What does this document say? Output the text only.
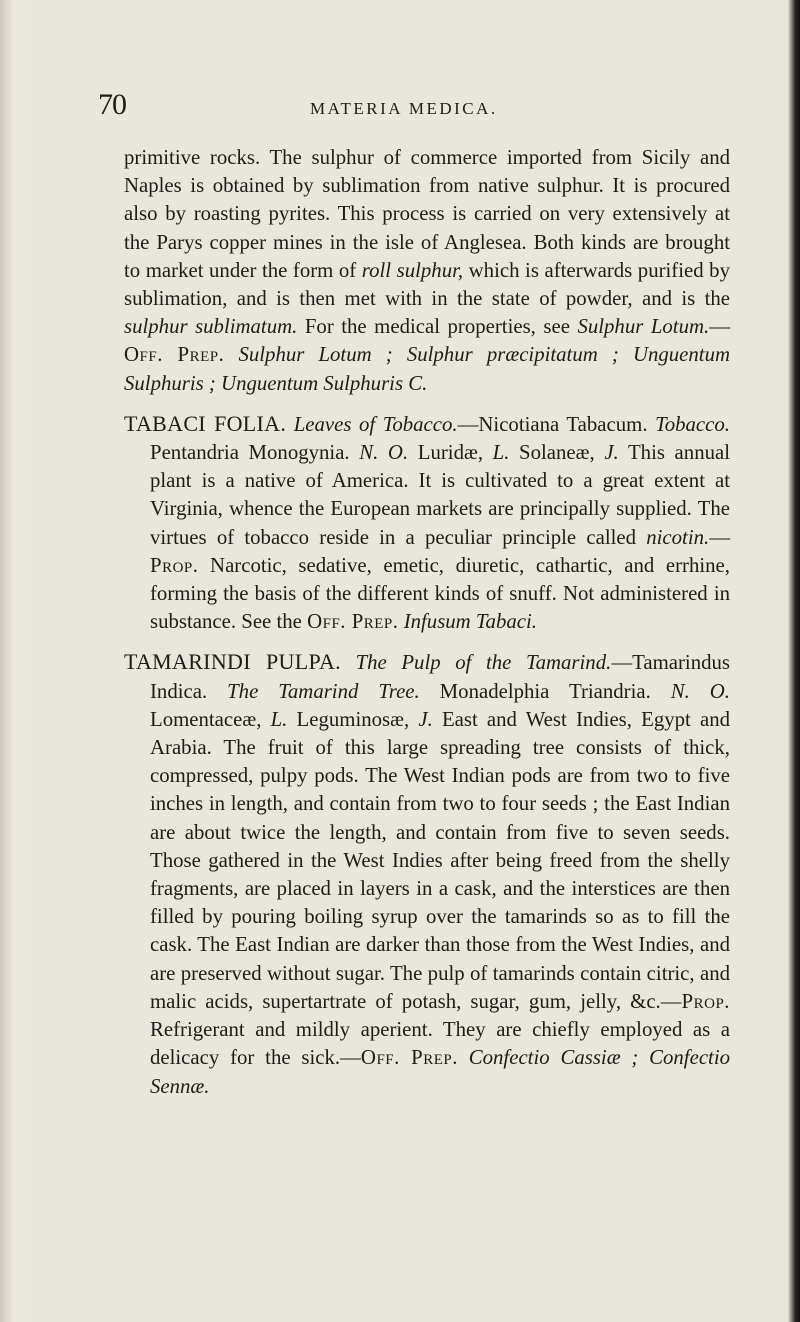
70	MATERIA MEDICA.

primitive rocks. The sulphur of commerce imported from Sicily and Naples is obtained by sublimation from native sulphur. It is procured also by roasting pyrites. This process is carried on very extensively at the Parys copper mines in the isle of Anglesea. Both kinds are brought to market under the form of roll sulphur, which is afterwards purified by sublimation, and is then met with in the state of powder, and is the sulphur sublimatum. For the medical properties, see Sulphur Lotum.—Off. Prep. Sulphur Lotum ; Sulphur præcipitatum ; Unguentum Sulphuris ; Unguentum Sulphuris C.

TABACI FOLIA. Leaves of Tobacco.—Nicotiana Tabacum. Tobacco. Pentandria Monogynia. N. O. Luridæ, L. Solaneæ, J. This annual plant is a native of America. It is cultivated to a great extent at Virginia, whence the European markets are principally supplied. The virtues of tobacco reside in a peculiar principle called nicotin.—Prop. Narcotic, sedative, emetic, diuretic, cathartic, and errhine, forming the basis of the different kinds of snuff. Not administered in substance. See the Off. Prep. Infusum Tabaci.

TAMARINDI PULPA. The Pulp of the Tamarind.—Tamarindus Indica. The Tamarind Tree. Monadelphia Triandria. N. O. Lomentaceæ, L. Leguminosæ, J. East and West Indies, Egypt and Arabia. The fruit of this large spreading tree consists of thick, compressed, pulpy pods. The West Indian pods are from two to five inches in length, and contain from two to four seeds ; the East Indian are about twice the length, and contain from five to seven seeds. Those gathered in the West Indies after being freed from the shelly fragments, are placed in layers in a cask, and the interstices are then filled by pouring boiling syrup over the tamarinds so as to fill the cask. The East Indian are darker than those from the West Indies, and are preserved without sugar. The pulp of tamarinds contain citric, and malic acids, supertartrate of potash, sugar, gum, jelly, &c.—Prop. Refrigerant and mildly aperient. They are chiefly employed as a delicacy for the sick.—Off. Prep. Confectio Cassiæ ; Confectio Sennæ.
